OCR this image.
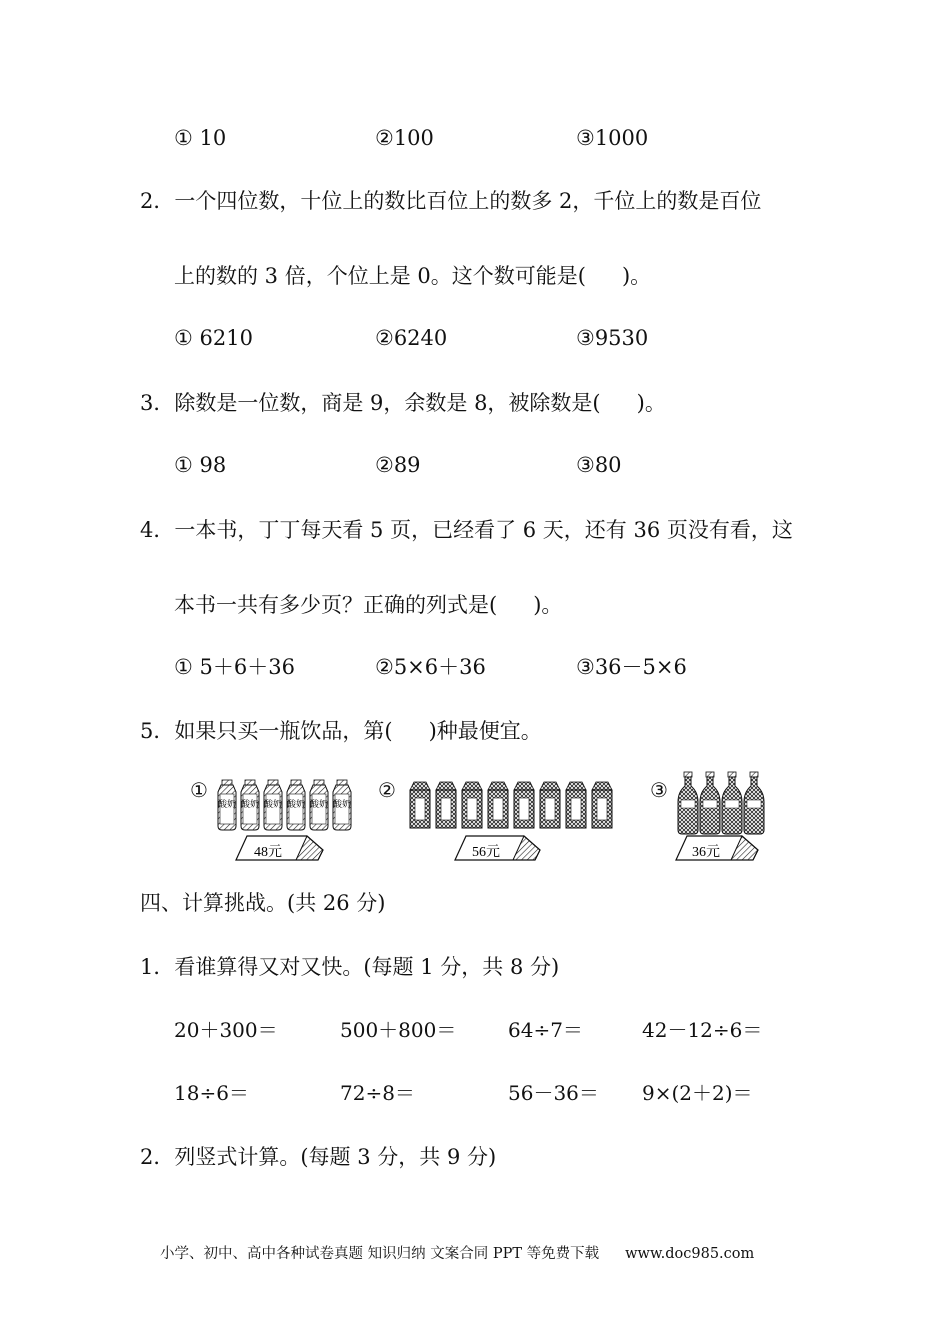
① 10	②100	③1000
2．一个四位数，十位上的数比百位上的数多 2，千位上的数是百位
上的数的 3 倍，个位上是 0。这个数可能是( )。
① 6210	②6240	③9530
3．除数是一位数，商是 9，余数是 8，被除数是( )。
① 98	②89	③80
4．一本书，丁丁每天看 5 页，已经看了 6 天，还有 36 页没有看，这
本书一共有多少页？正确的列式是( )。
① 5＋6＋36	②5×6＋36	③36－5×6
5．如果只买一瓶饮品，第( )种最便宜。
①	②	③
酸奶 酸奶 酸奶 酸奶 酸奶 酸奶
48元	56元	36元
四、计算挑战。(共 26 分)
1．看谁算得又对又快。(每题 1 分，共 8 分)
20＋300＝	500＋800＝	64÷7＝	42－12÷6＝
18÷6＝	72÷8＝	56－36＝ 9×(2＋2)＝
2．列竖式计算。(每题 3 分，共 9 分)
小学、初中、高中各种试卷真题 知识归纳 文案合同 PPT 等免费下载 www.doc985.com
